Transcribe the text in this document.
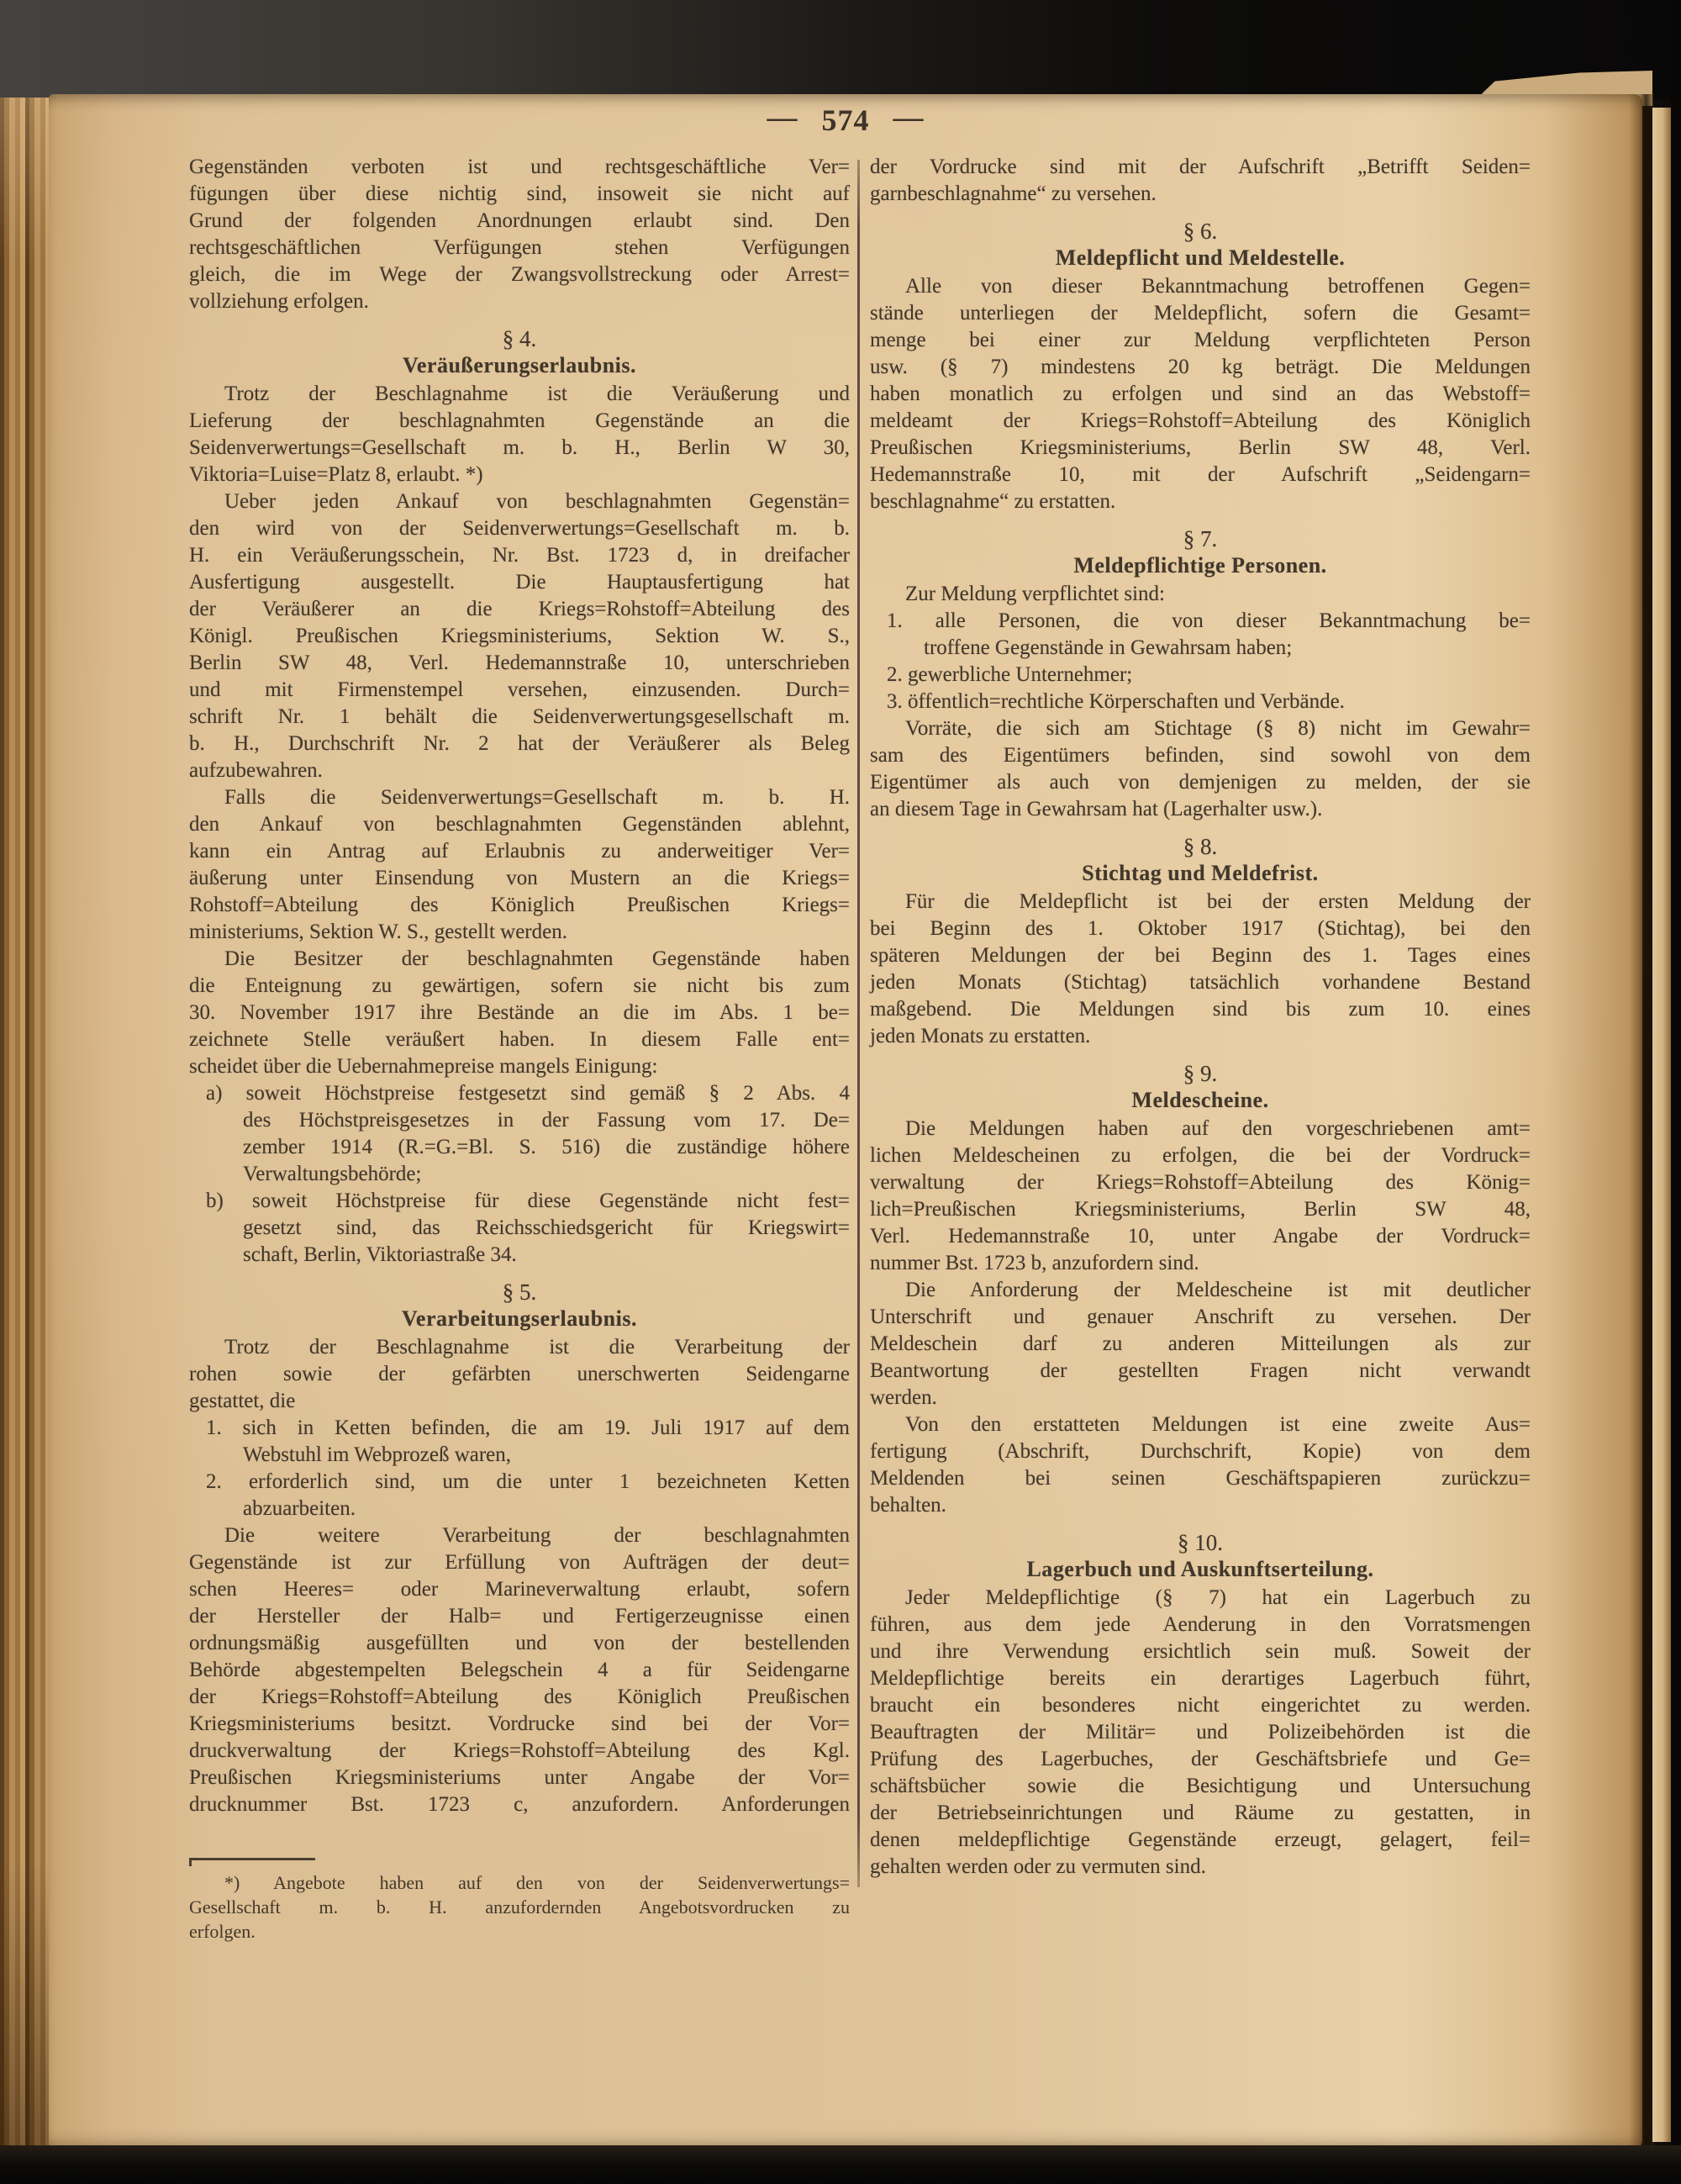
— 574 —
Gegenständen verboten ist und rechtsgeschäftliche Ver=
fügungen über diese nichtig sind, insoweit sie nicht auf
Grund der folgenden Anordnungen erlaubt sind. Den
rechtsgeschäftlichen Verfügungen stehen Verfügungen
gleich, die im Wege der Zwangsvollstreckung oder Arrest=
vollziehung erfolgen.
§ 4.
Veräußerungserlaubnis.
Trotz der Beschlagnahme ist die Veräußerung und
Lieferung der beschlagnahmten Gegenstände an die
Seidenverwertungs=Gesellschaft m. b. H., Berlin W 30,
Viktoria=Luise=Platz 8, erlaubt. *)
Ueber jeden Ankauf von beschlagnahmten Gegenstän=
den wird von der Seidenverwertungs=Gesellschaft m. b.
H. ein Veräußerungsschein, Nr. Bst. 1723 d, in dreifacher
Ausfertigung ausgestellt. Die Hauptausfertigung hat
der Veräußerer an die Kriegs=Rohstoff=Abteilung des
Königl. Preußischen Kriegsministeriums, Sektion W. S.,
Berlin SW 48, Verl. Hedemannstraße 10, unterschrieben
und mit Firmenstempel versehen, einzusenden. Durch=
schrift Nr. 1 behält die Seidenverwertungsgesellschaft m.
b. H., Durchschrift Nr. 2 hat der Veräußerer als Beleg
aufzubewahren.
Falls die Seidenverwertungs=Gesellschaft m. b. H.
den Ankauf von beschlagnahmten Gegenständen ablehnt,
kann ein Antrag auf Erlaubnis zu anderweitiger Ver=
äußerung unter Einsendung von Mustern an die Kriegs=
Rohstoff=Abteilung des Königlich Preußischen Kriegs=
ministeriums, Sektion W. S., gestellt werden.
Die Besitzer der beschlagnahmten Gegenstände haben
die Enteignung zu gewärtigen, sofern sie nicht bis zum
30. November 1917 ihre Bestände an die im Abs. 1 be=
zeichnete Stelle veräußert haben. In diesem Falle ent=
scheidet über die Uebernahmepreise mangels Einigung:
a) soweit Höchstpreise festgesetzt sind gemäß § 2 Abs. 4
des Höchstpreisgesetzes in der Fassung vom 17. De=
zember 1914 (R.=G.=Bl. S. 516) die zuständige höhere
Verwaltungsbehörde;
b) soweit Höchstpreise für diese Gegenstände nicht fest=
gesetzt sind, das Reichsschiedsgericht für Kriegswirt=
schaft, Berlin, Viktoriastraße 34.
§ 5.
Verarbeitungserlaubnis.
Trotz der Beschlagnahme ist die Verarbeitung der
rohen sowie der gefärbten unerschwerten Seidengarne
gestattet, die
1. sich in Ketten befinden, die am 19. Juli 1917 auf dem
Webstuhl im Webprozeß waren,
2. erforderlich sind, um die unter 1 bezeichneten Ketten
abzuarbeiten.
Die weitere Verarbeitung der beschlagnahmten
Gegenstände ist zur Erfüllung von Aufträgen der deut=
schen Heeres= oder Marineverwaltung erlaubt, sofern
der Hersteller der Halb= und Fertigerzeugnisse einen
ordnungsmäßig ausgefüllten und von der bestellenden
Behörde abgestempelten Belegschein 4 a für Seidengarne
der Kriegs=Rohstoff=Abteilung des Königlich Preußischen
Kriegsministeriums besitzt. Vordrucke sind bei der Vor=
druckverwaltung der Kriegs=Rohstoff=Abteilung des Kgl.
Preußischen Kriegsministeriums unter Angabe der Vor=
drucknummer Bst. 1723 c, anzufordern. Anforderungen
der Vordrucke sind mit der Aufschrift „Betrifft Seiden=
garnbeschlagnahme“ zu versehen.
§ 6.
Meldepflicht und Meldestelle.
Alle von dieser Bekanntmachung betroffenen Gegen=
stände unterliegen der Meldepflicht, sofern die Gesamt=
menge bei einer zur Meldung verpflichteten Person
usw. (§ 7) mindestens 20 kg beträgt. Die Meldungen
haben monatlich zu erfolgen und sind an das Webstoff=
meldeamt der Kriegs=Rohstoff=Abteilung des Königlich
Preußischen Kriegsministeriums, Berlin SW 48, Verl.
Hedemannstraße 10, mit der Aufschrift „Seidengarn=
beschlagnahme“ zu erstatten.
§ 7.
Meldepflichtige Personen.
Zur Meldung verpflichtet sind:
1. alle Personen, die von dieser Bekanntmachung be=
troffene Gegenstände in Gewahrsam haben;
2. gewerbliche Unternehmer;
3. öffentlich=rechtliche Körperschaften und Verbände.
Vorräte, die sich am Stichtage (§ 8) nicht im Gewahr=
sam des Eigentümers befinden, sind sowohl von dem
Eigentümer als auch von demjenigen zu melden, der sie
an diesem Tage in Gewahrsam hat (Lagerhalter usw.).
§ 8.
Stichtag und Meldefrist.
Für die Meldepflicht ist bei der ersten Meldung der
bei Beginn des 1. Oktober 1917 (Stichtag), bei den
späteren Meldungen der bei Beginn des 1. Tages eines
jeden Monats (Stichtag) tatsächlich vorhandene Bestand
maßgebend. Die Meldungen sind bis zum 10. eines
jeden Monats zu erstatten.
§ 9.
Meldescheine.
Die Meldungen haben auf den vorgeschriebenen amt=
lichen Meldescheinen zu erfolgen, die bei der Vordruck=
verwaltung der Kriegs=Rohstoff=Abteilung des König=
lich=Preußischen Kriegsministeriums, Berlin SW 48,
Verl. Hedemannstraße 10, unter Angabe der Vordruck=
nummer Bst. 1723 b, anzufordern sind.
Die Anforderung der Meldescheine ist mit deutlicher
Unterschrift und genauer Anschrift zu versehen. Der
Meldeschein darf zu anderen Mitteilungen als zur
Beantwortung der gestellten Fragen nicht verwandt
werden.
Von den erstatteten Meldungen ist eine zweite Aus=
fertigung (Abschrift, Durchschrift, Kopie) von dem
Meldenden bei seinen Geschäftspapieren zurückzu=
behalten.
§ 10.
Lagerbuch und Auskunftserteilung.
Jeder Meldepflichtige (§ 7) hat ein Lagerbuch zu
führen, aus dem jede Aenderung in den Vorratsmengen
und ihre Verwendung ersichtlich sein muß. Soweit der
Meldepflichtige bereits ein derartiges Lagerbuch führt,
braucht ein besonderes nicht eingerichtet zu werden.
Beauftragten der Militär= und Polizeibehörden ist die
Prüfung des Lagerbuches, der Geschäftsbriefe und Ge=
schäftsbücher sowie die Besichtigung und Untersuchung
der Betriebseinrichtungen und Räume zu gestatten, in
denen meldepflichtige Gegenstände erzeugt, gelagert, feil=
gehalten werden oder zu vermuten sind.
*) Angebote haben auf den von der Seidenverwertungs=
Gesellschaft m. b. H. anzufordernden Angebotsvordrucken zu
erfolgen.
